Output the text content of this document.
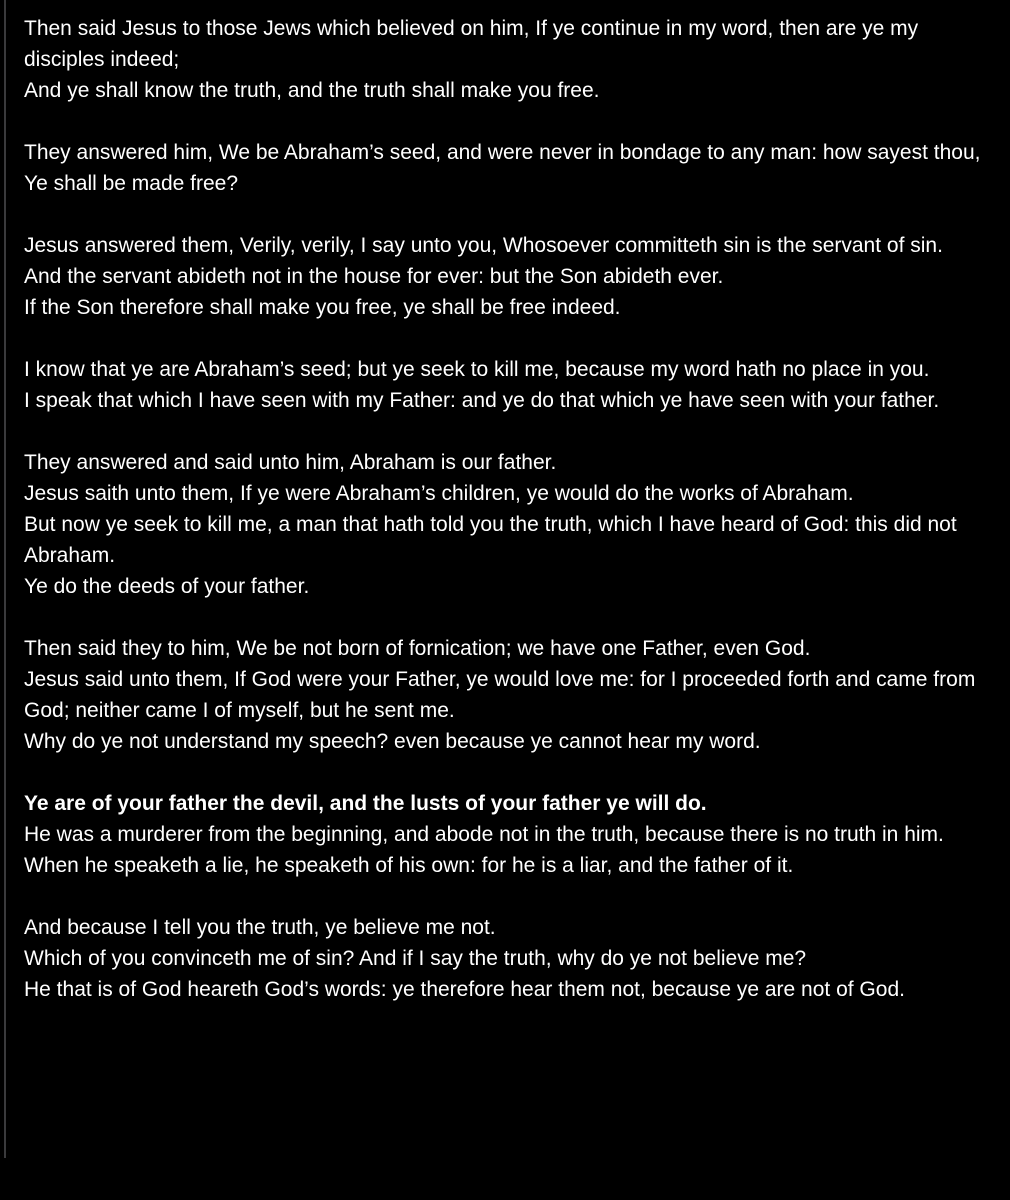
Then said Jesus to those Jews which believed on him, If ye continue in my word, then are ye my disciples indeed;
And ye shall know the truth, and the truth shall make you free.
They answered him, We be Abraham’s seed, and were never in bondage to any man: how sayest thou, Ye shall be made free?
Jesus answered them, Verily, verily, I say unto you, Whosoever committeth sin is the servant of sin.
And the servant abideth not in the house for ever: but the Son abideth ever.
If the Son therefore shall make you free, ye shall be free indeed.
I know that ye are Abraham’s seed; but ye seek to kill me, because my word hath no place in you.
I speak that which I have seen with my Father: and ye do that which ye have seen with your father.
They answered and said unto him, Abraham is our father.
Jesus saith unto them, If ye were Abraham’s children, ye would do the works of Abraham.
But now ye seek to kill me, a man that hath told you the truth, which I have heard of God: this did not Abraham.
Ye do the deeds of your father.
Then said they to him, We be not born of fornication; we have one Father, even God.
Jesus said unto them, If God were your Father, ye would love me: for I proceeded forth and came from God; neither came I of myself, but he sent me.
Why do ye not understand my speech? even because ye cannot hear my word.
Ye are of your father the devil, and the lusts of your father ye will do.
He was a murderer from the beginning, and abode not in the truth, because there is no truth in him.
When he speaketh a lie, he speaketh of his own: for he is a liar, and the father of it.
And because I tell you the truth, ye believe me not.
Which of you convinceth me of sin? And if I say the truth, why do ye not believe me?
He that is of God heareth God’s words: ye therefore hear them not, because ye are not of God.
